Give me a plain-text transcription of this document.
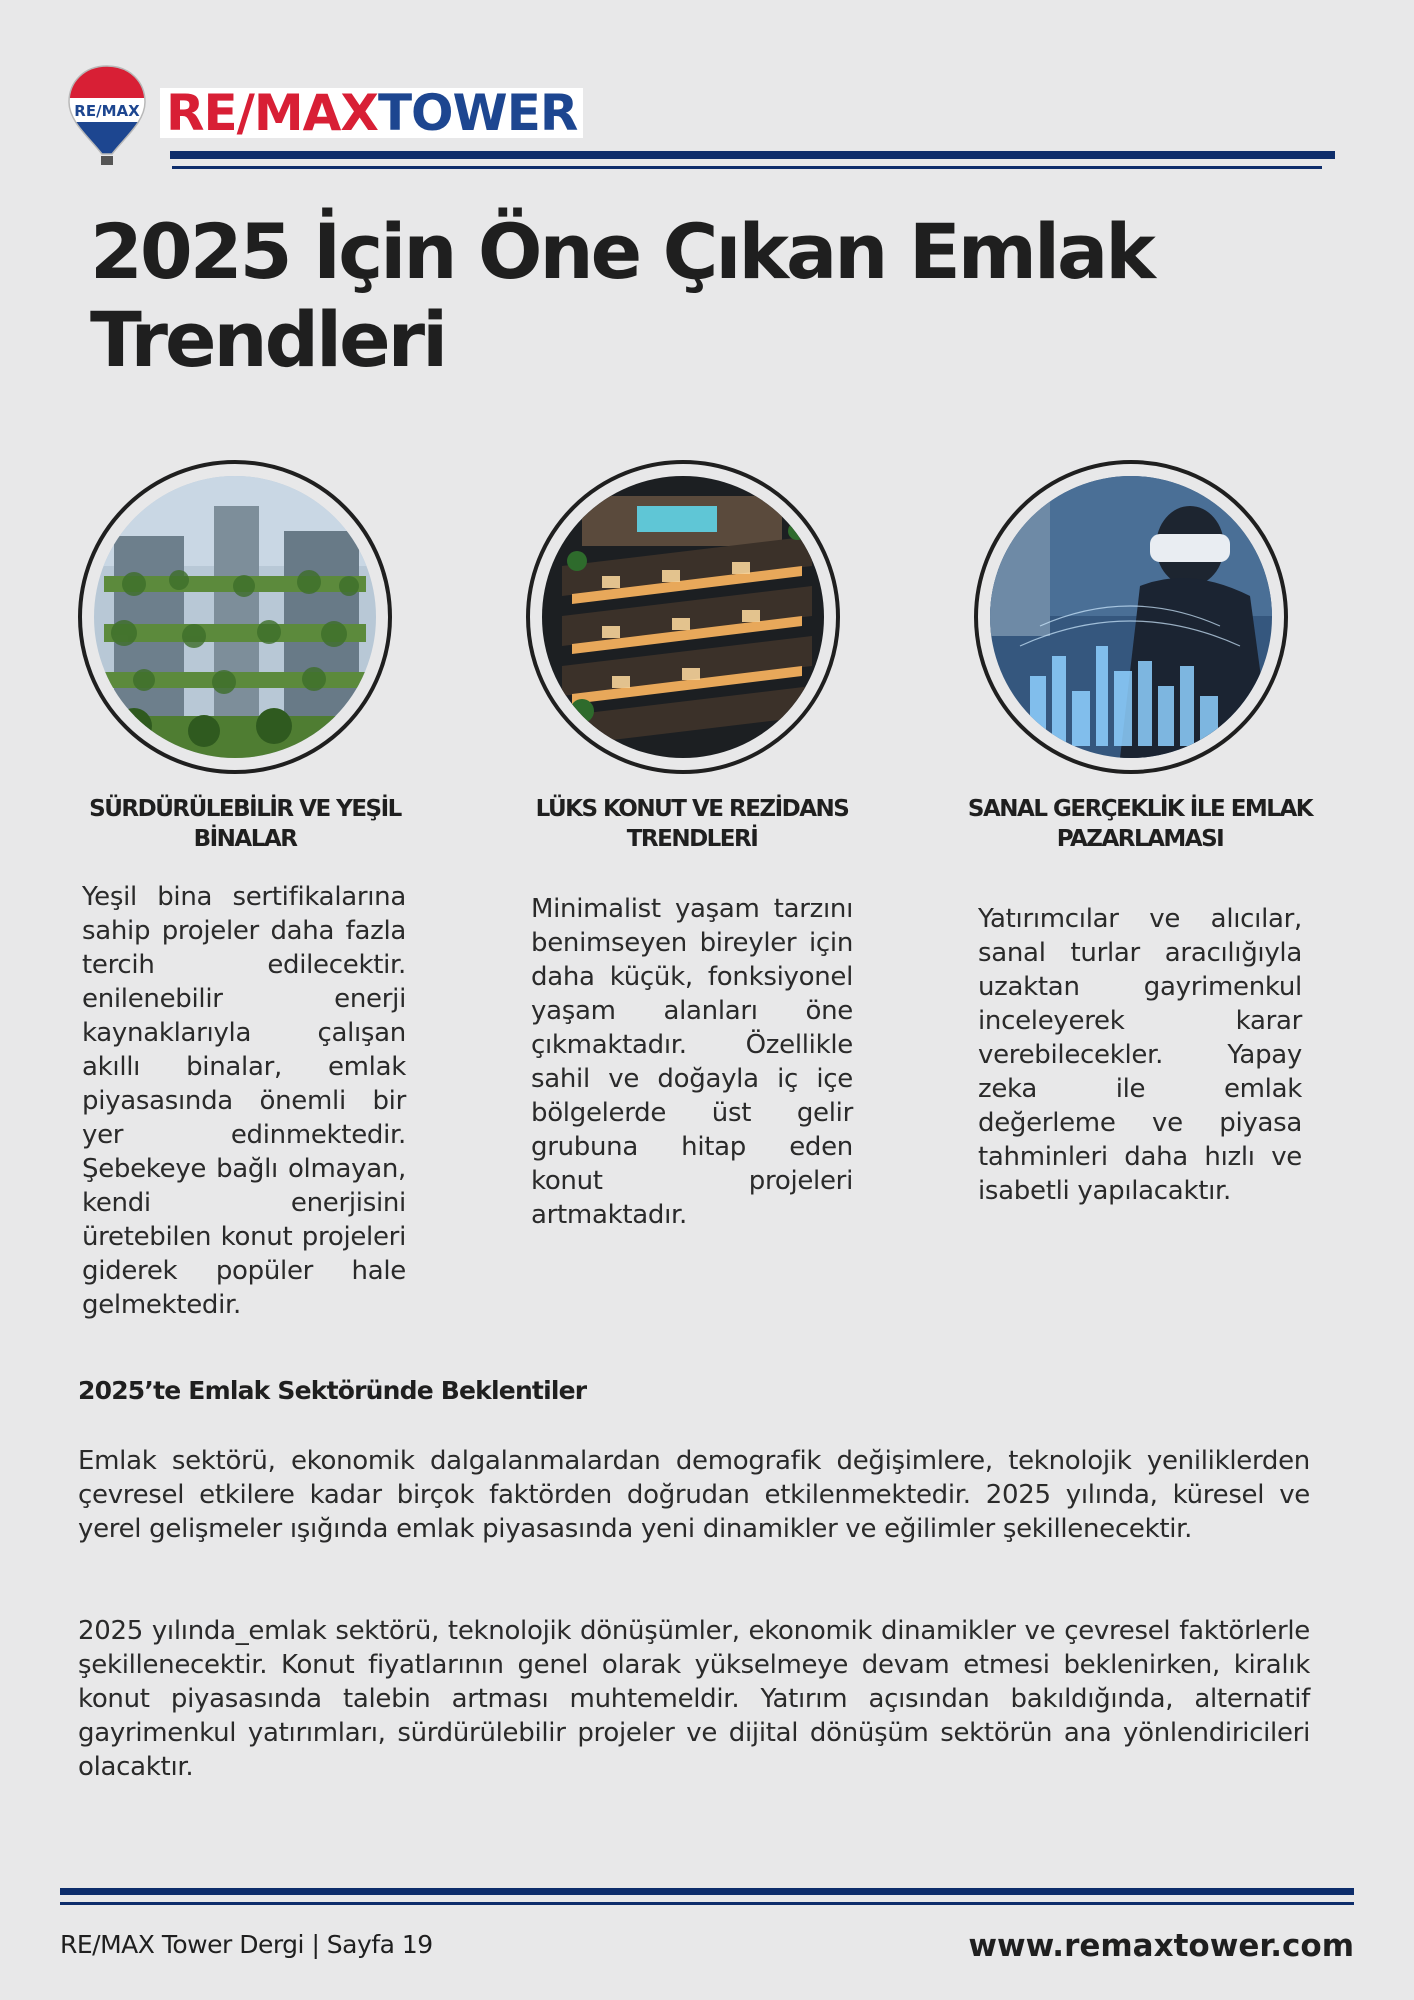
RE/MAX RE / MAX TOWER
2025 İçin Öne Çıkan Emlak Trendleri

SÜRDÜRÜLEBİLİR VE YEŞİL BİNALAR

LÜKS KONUT VE REZİDANS TRENDLERİ

SANAL GERÇEKLİK İLE EMLAK PAZARLAMASI

Yeşil bina sertifikalarına sahip projeler daha fazla tercih edilecektir. enilenebilir enerji kaynaklarıyla çalışan akıllı binalar, emlak piyasasında önemli bir yer edinmektedir. Şebekeye bağlı olmayan, kendi enerjisini üretebilen konut projeleri giderek popüler hale gelmektedir.

Minimalist yaşam tarzını benimseyen bireyler için daha küçük, fonksiyonel yaşam alanları öne çıkmaktadır. Özellikle sahil ve doğayla iç içe bölgelerde üst gelir grubuna hitap eden konut projeleri artmaktadır.

Yatırımcılar ve alıcılar, sanal turlar aracılığıyla uzaktan gayrimenkul inceleyerek karar verebilecekler. Yapay zeka ile emlak değerleme ve piyasa tahminleri daha hızlı ve isabetli yapılacaktır.

2025’te Emlak Sektöründe Beklentiler

Emlak sektörü, ekonomik dalgalanmalardan demografik değişimlere, teknolojik yeniliklerden çevresel etkilere kadar birçok faktörden doğrudan etkilenmektedir. 2025 yılında, küresel ve yerel gelişmeler ışığında emlak piyasasında yeni dinamikler ve eğilimler şekillenecektir.

2025 yılında_emlak sektörü, teknolojik dönüşümler, ekonomik dinamikler ve çevresel faktörlerle şekillenecektir. Konut fiyatlarının genel olarak yükselmeye devam etmesi beklenirken, kiralık konut piyasasında talebin artması muhtemeldir. Yatırım açısından bakıldığında, alternatif gayrimenkul yatırımları, sürdürülebilir projeler ve dijital dönüşüm sektörün ana yönlendiricileri olacaktır.

RE/MAX Tower Dergi | Sayfa 19	www.remaxtower.com
